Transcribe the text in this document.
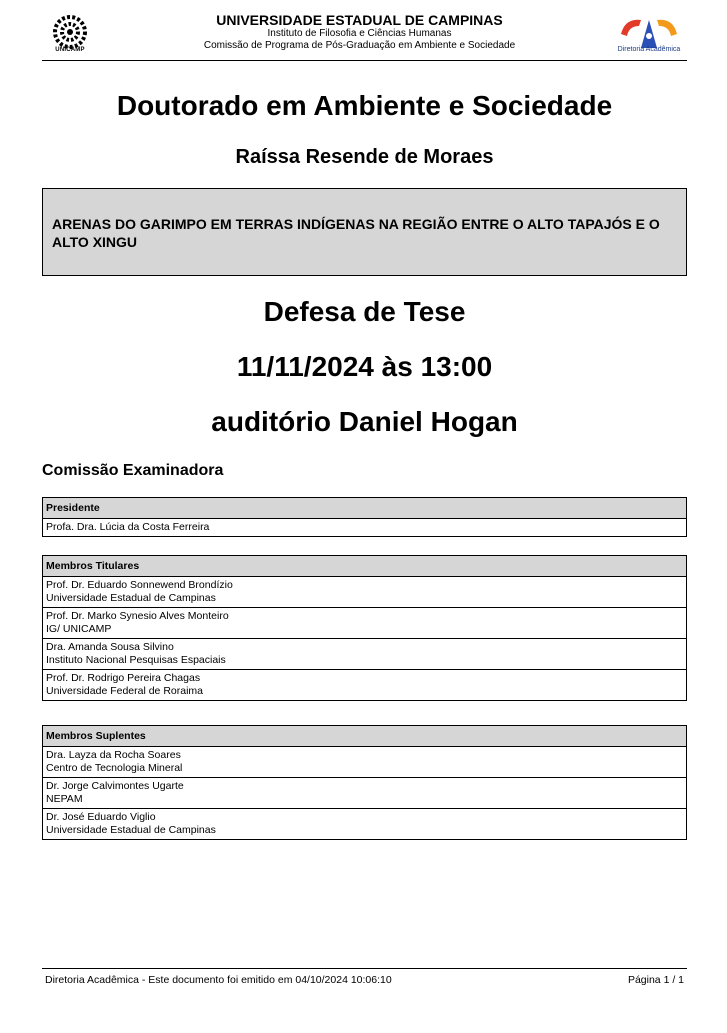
UNICAMP
UNIVERSIDADE ESTADUAL DE CAMPINAS
Instituto de Filosofia e Ciências Humanas
Comissão de Programa de Pós-Graduação em Ambiente e Sociedade	Diretoria Acadêmica
Doutorado em Ambiente e Sociedade
Raíssa Resende de Moraes
ARENAS DO GARIMPO EM TERRAS INDÍGENAS NA REGIÃO ENTRE O ALTO TAPAJÓS E O ALTO XINGU
Defesa de Tese
11/11/2024 às 13:00
auditório Daniel Hogan
Comissão Examinadora
Presidente
Profa. Dra. Lúcia da Costa Ferreira
Membros Titulares

Prof. Dr. Eduardo Sonnewend Brondízio
Universidade Estadual de Campinas

Prof. Dr. Marko Synesio Alves Monteiro
IG/ UNICAMP

Dra. Amanda Sousa Silvino
Instituto Nacional Pesquisas Espaciais

Prof. Dr. Rodrigo Pereira Chagas
Universidade Federal de Roraima
Membros Suplentes

Dra. Layza da Rocha Soares
Centro de Tecnologia Mineral

Dr. Jorge Calvimontes Ugarte
NEPAM

Dr. José Eduardo Viglio
Universidade Estadual de Campinas
Diretoria Acadêmica - Este documento foi emitido em 04/10/2024 10:06:10	Página 1 / 1
